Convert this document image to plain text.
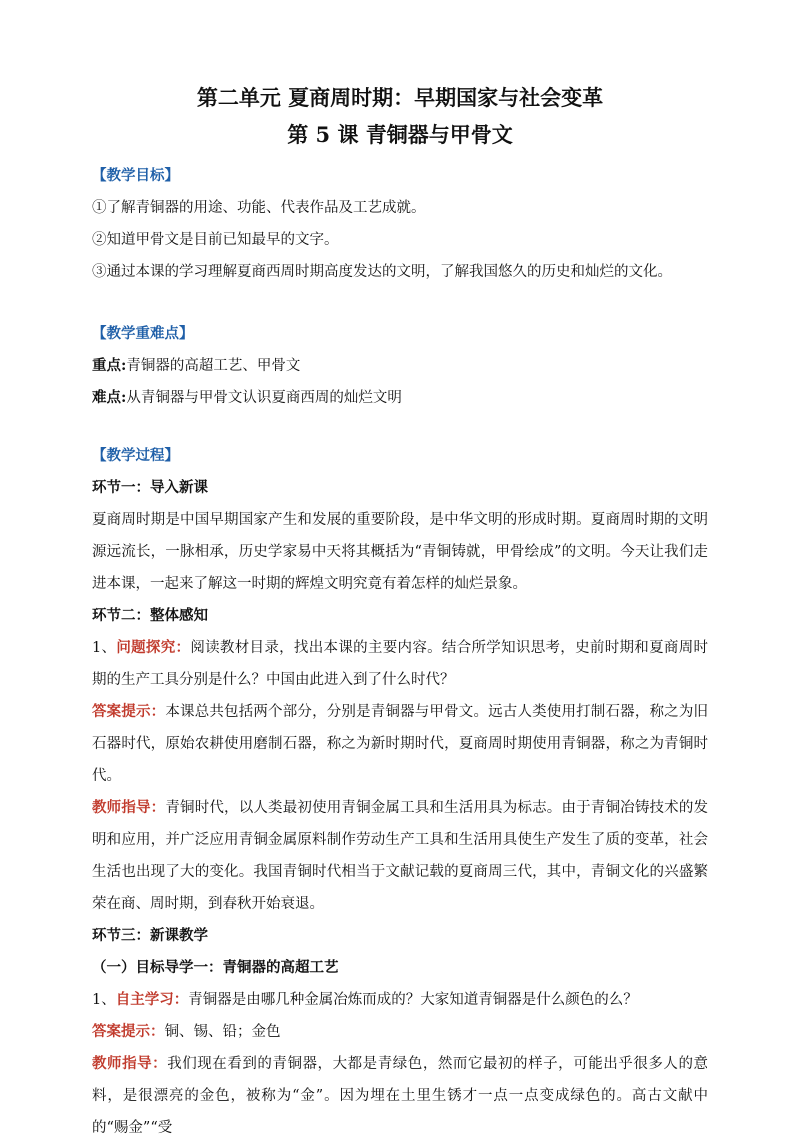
第二单元 夏商周时期：早期国家与社会变革

第 5 课 青铜器与甲骨文

【教学目标】

①了解青铜器的用途、功能、代表作品及工艺成就。

②知道甲骨文是目前已知最早的文字。

③通过本课的学习理解夏商西周时期高度发达的文明，了解我国悠久的历史和灿烂的文化。

【教学重难点】

重点:青铜器的高超工艺、甲骨文

难点:从青铜器与甲骨文认识夏商西周的灿烂文明

【教学过程】

环节一：导入新课

夏商周时期是中国早期国家产生和发展的重要阶段，是中华文明的形成时期。夏商周时期的文明源远流长，一脉相承，历史学家易中天将其概括为“青铜铸就，甲骨绘成”的文明。今天让我们走进本课，一起来了解这一时期的辉煌文明究竟有着怎样的灿烂景象。

环节二：整体感知

1、问题探究：阅读教材目录，找出本课的主要内容。结合所学知识思考，史前时期和夏商周时期的生产工具分别是什么？中国由此进入到了什么时代？

答案提示：本课总共包括两个部分，分别是青铜器与甲骨文。远古人类使用打制石器，称之为旧石器时代，原始农耕使用磨制石器，称之为新时期时代，夏商周时期使用青铜器，称之为青铜时代。

教师指导：青铜时代，以人类最初使用青铜金属工具和生活用具为标志。由于青铜冶铸技术的发明和应用，并广泛应用青铜金属原料制作劳动生产工具和生活用具使生产发生了质的变革，社会生活也出现了大的变化。我国青铜时代相当于文献记载的夏商周三代，其中，青铜文化的兴盛繁荣在商、周时期，到春秋开始衰退。

环节三：新课教学

（一）目标导学一：青铜器的高超工艺

1、自主学习：青铜器是由哪几种金属冶炼而成的？大家知道青铜器是什么颜色的么？

答案提示：铜、锡、铅；金色

教师指导：我们现在看到的青铜器，大都是青绿色，然而它最初的样子，可能出乎很多人的意料，是很漂亮的金色，被称为“金”。因为埋在土里生锈才一点一点变成绿色的。高古文献中的“赐金”“受
